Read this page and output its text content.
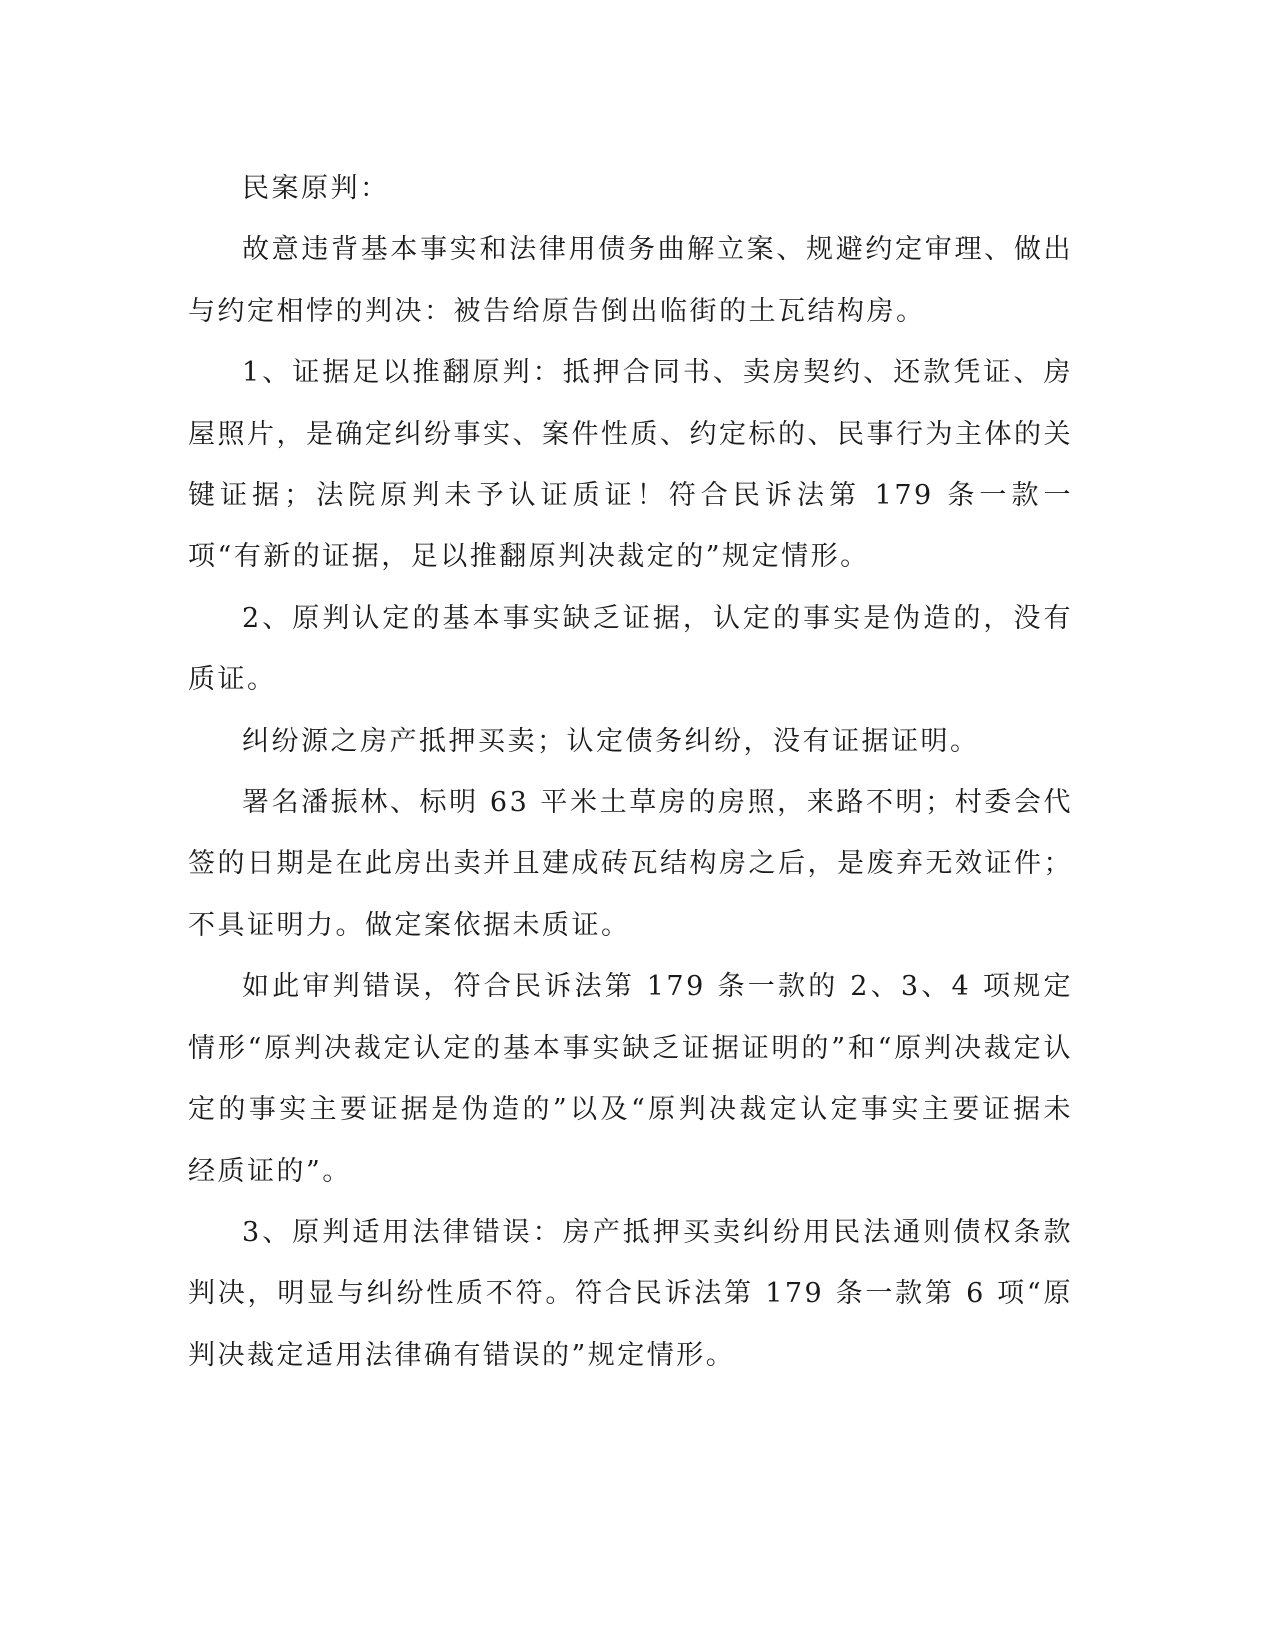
民案原判：

故意违背基本事实和法律用债务曲解立案、规避约定审理、做出与约定相悖的判决：被告给原告倒出临街的土瓦结构房。

1、证据足以推翻原判：抵押合同书、卖房契约、还款凭证、房屋照片，是确定纠纷事实、案件性质、约定标的、民事行为主体的关键证据；法院原判未予认证质证！符合民诉法第 179 条一款一项“有新的证据，足以推翻原判决裁定的”规定情形。

2、原判认定的基本事实缺乏证据，认定的事实是伪造的，没有质证。

纠纷源之房产抵押买卖；认定债务纠纷，没有证据证明。

署名潘振林、标明 63 平米土草房的房照，来路不明；村委会代签的日期是在此房出卖并且建成砖瓦结构房之后，是废弃无效证件；不具证明力。做定案依据未质证。

如此审判错误，符合民诉法第 179 条一款的 2、3、4 项规定情形“原判决裁定认定的基本事实缺乏证据证明的”和“原判决裁定认定的事实主要证据是伪造的”以及“原判决裁定认定事实主要证据未经质证的”。

3、原判适用法律错误：房产抵押买卖纠纷用民法通则债权条款判决，明显与纠纷性质不符。符合民诉法第 179 条一款第 6 项“原判决裁定适用法律确有错误的”规定情形。
